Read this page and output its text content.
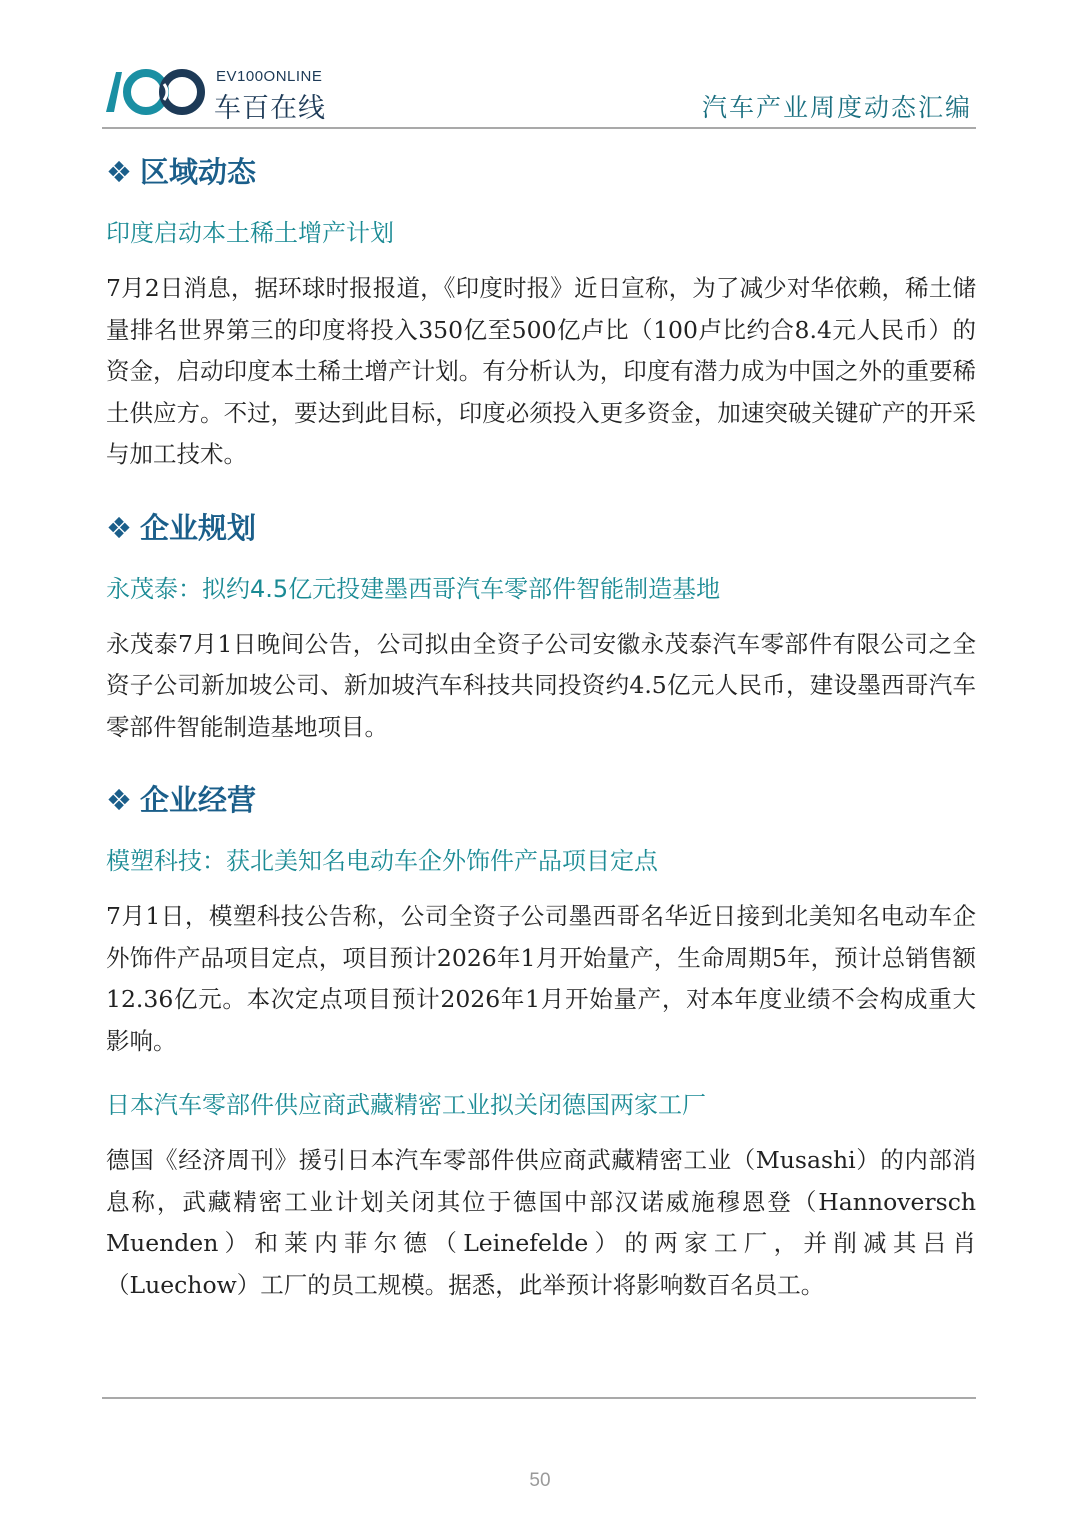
EV100ONLINE
车百在线	汽车产业周度动态汇编
❖ 区域动态
印度启动本土稀土增产计划

7月2日消息，据环球时报报道，《印度时报》近日宣称，为了减少对华依赖，稀土储量排名世界第三的印度将投入350亿至500亿卢比（100卢比约合8.4元人民币）的资金，启动印度本土稀土增产计划。有分析认为，印度有潜力成为中国之外的重要稀土供应方。不过，要达到此目标，印度必须投入更多资金，加速突破关键矿产的开采与加工技术。

❖ 企业规划
永茂泰：拟约4.5亿元投建墨西哥汽车零部件智能制造基地

永茂泰7月1日晚间公告，公司拟由全资子公司安徽永茂泰汽车零部件有限公司之全资子公司新加坡公司、新加坡汽车科技共同投资约4.5亿元人民币，建设墨西哥汽车零部件智能制造基地项目。

❖ 企业经营
模塑科技：获北美知名电动车企外饰件产品项目定点

7月1日，模塑科技公告称，公司全资子公司墨西哥名华近日接到北美知名电动车企外饰件产品项目定点，项目预计2026年1月开始量产，生命周期5年，预计总销售额12.36亿元。本次定点项目预计2026年1月开始量产，对本年度业绩不会构成重大影响。

日本汽车零部件供应商武藏精密工业拟关闭德国两家工厂

德国《经济周刊》援引日本汽车零部件供应商武藏精密工业（Musashi）的内部消息称，武藏精密工业计划关闭其位于德国中部汉诺威施穆恩登（Hannoversch Muenden）和莱内菲尔德（Leinefelde）的两家工厂，并削减其吕肖（Luechow）工厂的员工规模。据悉，此举预计将影响数百名员工。

50
